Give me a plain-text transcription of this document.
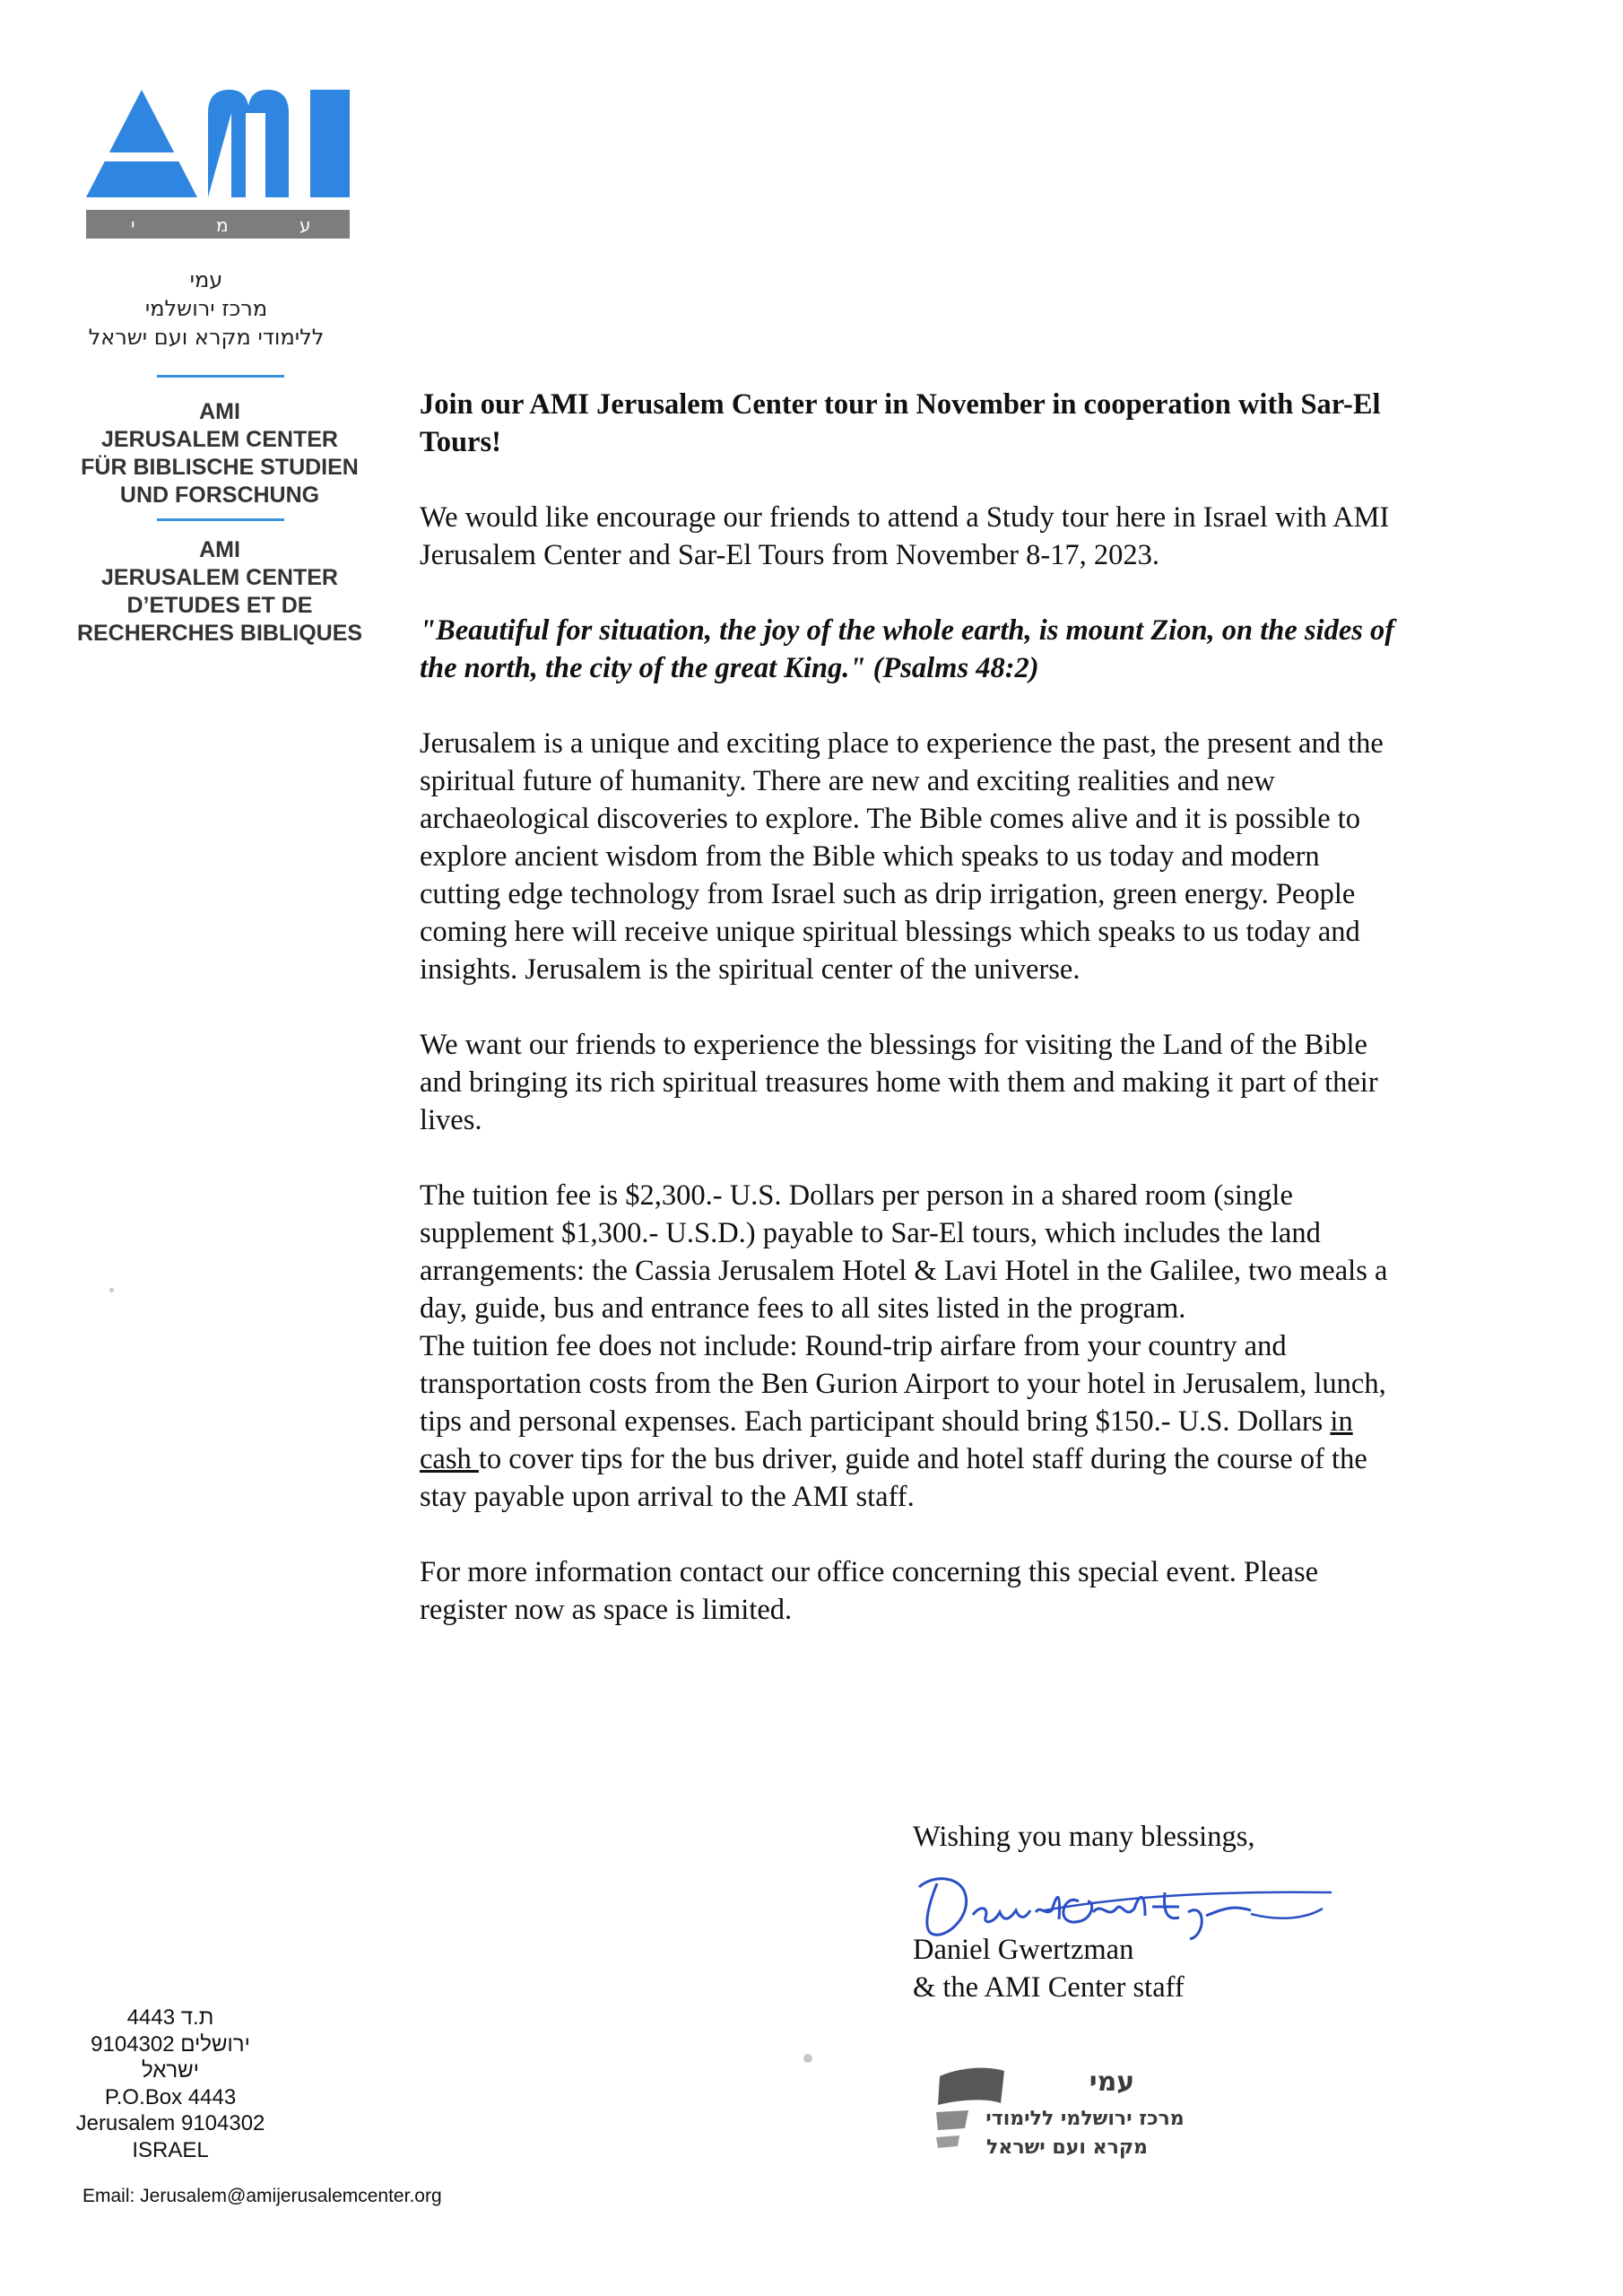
י	מ	ע
עמי
מרכז ירושלמי
ללימודי מקרא ועם ישראל
AMI
JERUSALEM CENTER
FÜR BIBLISCHE STUDIEN
UND FORSCHUNG
AMI
JERUSALEM CENTER
D’ETUDES ET DE
RECHERCHES BIBLIQUES
ת.ד 4443
ירושלים 9104302
ישראל
P.O.Box 4443
Jerusalem 9104302
ISRAEL
Email: Jerusalem@amijerusalemcenter.org

Join our AMI Jerusalem Center tour in November in cooperation with Sar-El Tours!

We would like encourage our friends to attend a Study tour here in Israel with AMI Jerusalem Center and Sar-El Tours from November 8-17, 2023.

"Beautiful for situation, the joy of the whole earth, is mount Zion, on the sides of the north, the city of the great King." (Psalms 48:2)

Jerusalem is a unique and exciting place to experience the past, the present and the spiritual future of humanity. There are new and exciting realities and new archaeological discoveries to explore. The Bible comes alive and it is possible to explore ancient wisdom from the Bible which speaks to us today and modern cutting edge technology from Israel such as drip irrigation, green energy. People coming here will receive unique spiritual blessings which speaks to us today and insights. Jerusalem is the spiritual center of the universe.

We want our friends to experience the blessings for visiting the Land of the Bible and bringing its rich spiritual treasures home with them and making it part of their lives.

The tuition fee is $2,300.- U.S. Dollars per person in a shared room (single supplement $1,300.- U.S.D.) payable to Sar-El tours, which includes the land arrangements: the Cassia Jerusalem Hotel & Lavi Hotel in the Galilee, two meals a day, guide, bus and entrance fees to all sites listed in the program.

The tuition fee does not include: Round-trip airfare from your country and transportation costs from the Ben Gurion Airport to your hotel in Jerusalem, lunch, tips and personal expenses. Each participant should bring $150.- U.S. Dollars in cash to cover tips for the bus driver, guide and hotel staff during the course of the stay payable upon arrival to the AMI staff.

For more information contact our office concerning this special event. Please register now as space is limited.

Wishing you many blessings,
Daniel Gwertzman
& the AMI Center staff
עמי
מרכז ירושלמי ללימודי
מקרא ועם ישראל
